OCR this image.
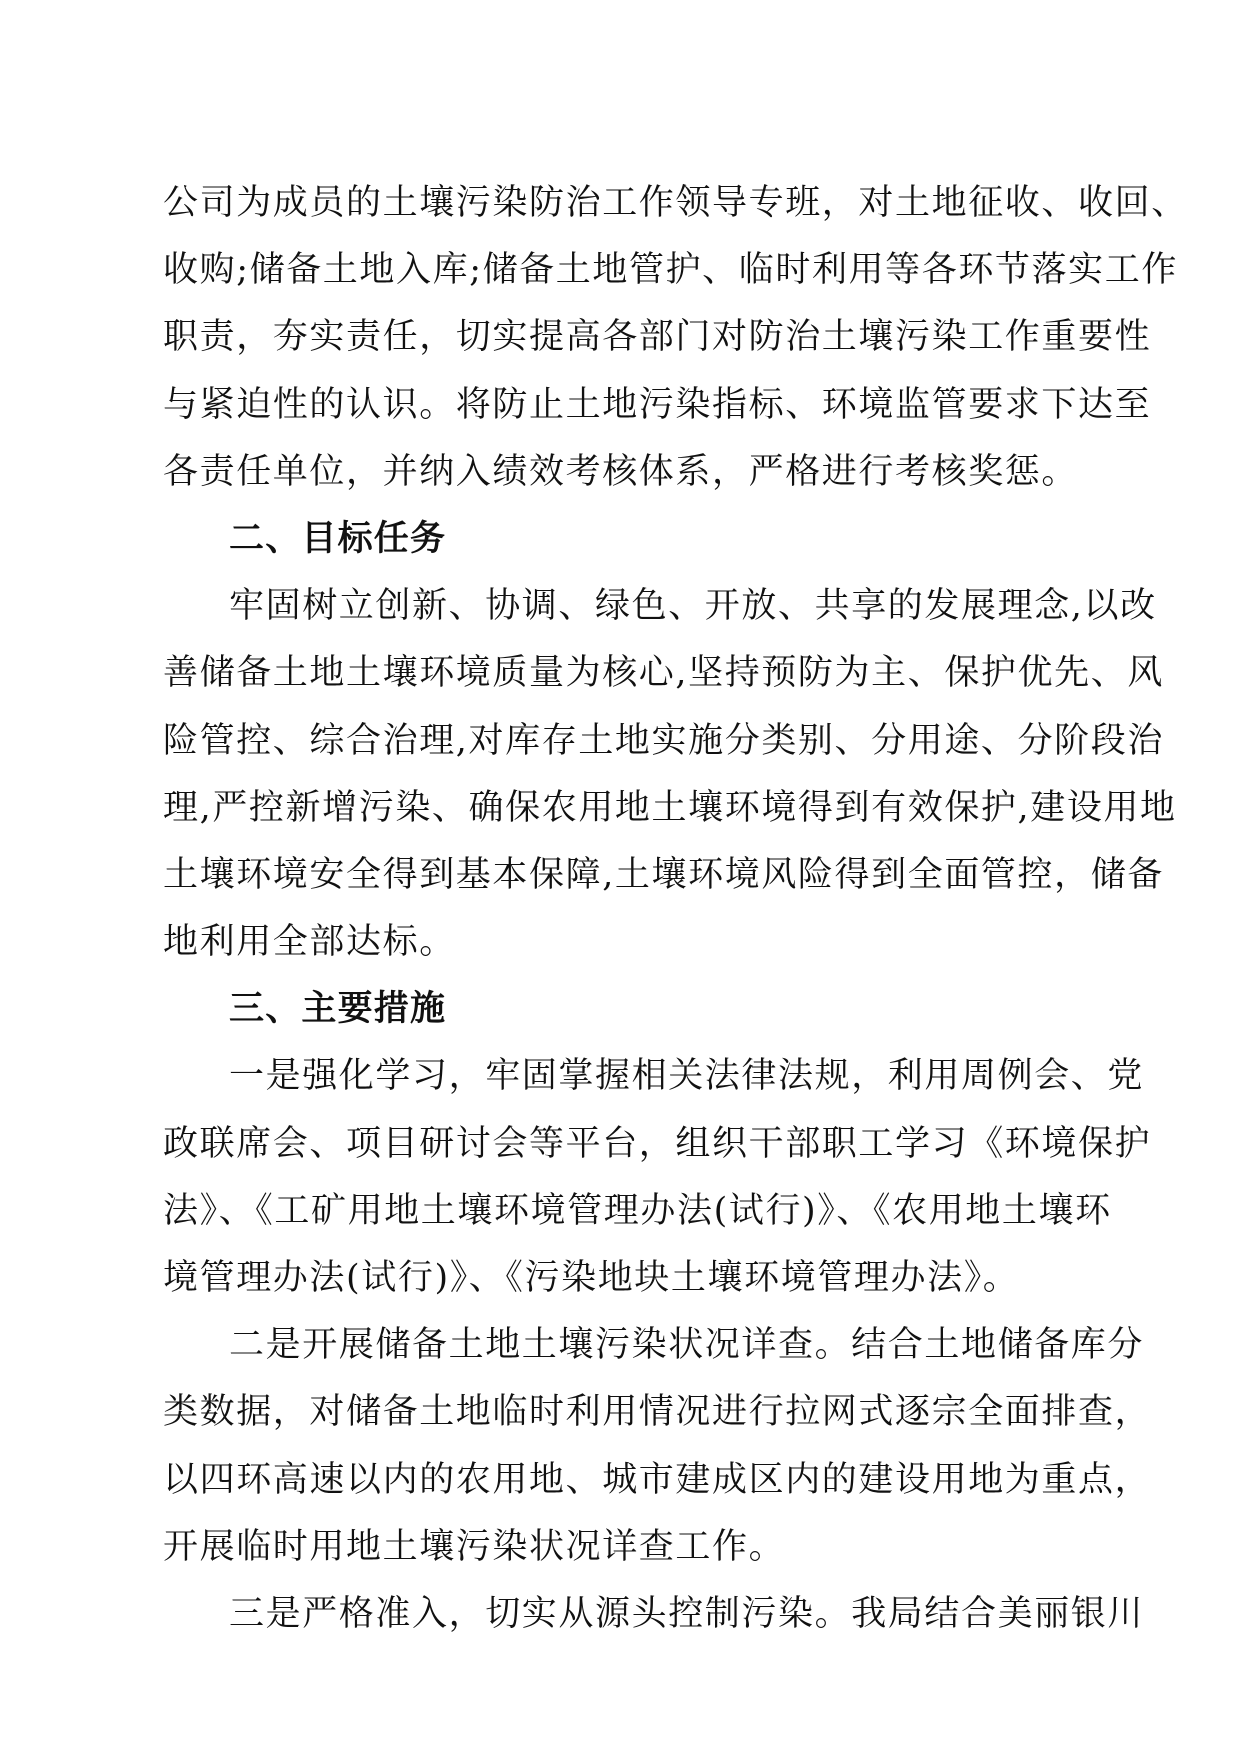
公司为成员的土壤污染防治工作领导专班，对土地征收、收回、
收购;储备土地入库;储备土地管护、临时利用等各环节落实工作
职责，夯实责任，切实提高各部门对防治土壤污染工作重要性
与紧迫性的认识。将防止土地污染指标、环境监管要求下达至
各责任单位，并纳入绩效考核体系，严格进行考核奖惩。
二、目标任务
牢固树立创新、协调、绿色、开放、共享的发展理念,以改
善储备土地土壤环境质量为核心,坚持预防为主、保护优先、风
险管控、综合治理,对库存土地实施分类别、分用途、分阶段治
理,严控新增污染、确保农用地土壤环境得到有效保护,建设用地
土壤环境安全得到基本保障,土壤环境风险得到全面管控，储备
地利用全部达标。
三、主要措施
一是强化学习，牢固掌握相关法律法规，利用周例会、党
政联席会、项目研讨会等平台，组织干部职工学习《环境保护
法》、《工矿用地土壤环境管理办法(试行)》、《农用地土壤环
境管理办法(试行)》、《污染地块土壤环境管理办法》。
二是开展储备土地土壤污染状况详查。结合土地储备库分
类数据，对储备土地临时利用情况进行拉网式逐宗全面排查，
以四环高速以内的农用地、城市建成区内的建设用地为重点，
开展临时用地土壤污染状况详查工作。
三是严格准入，切实从源头控制污染。我局结合美丽银川
